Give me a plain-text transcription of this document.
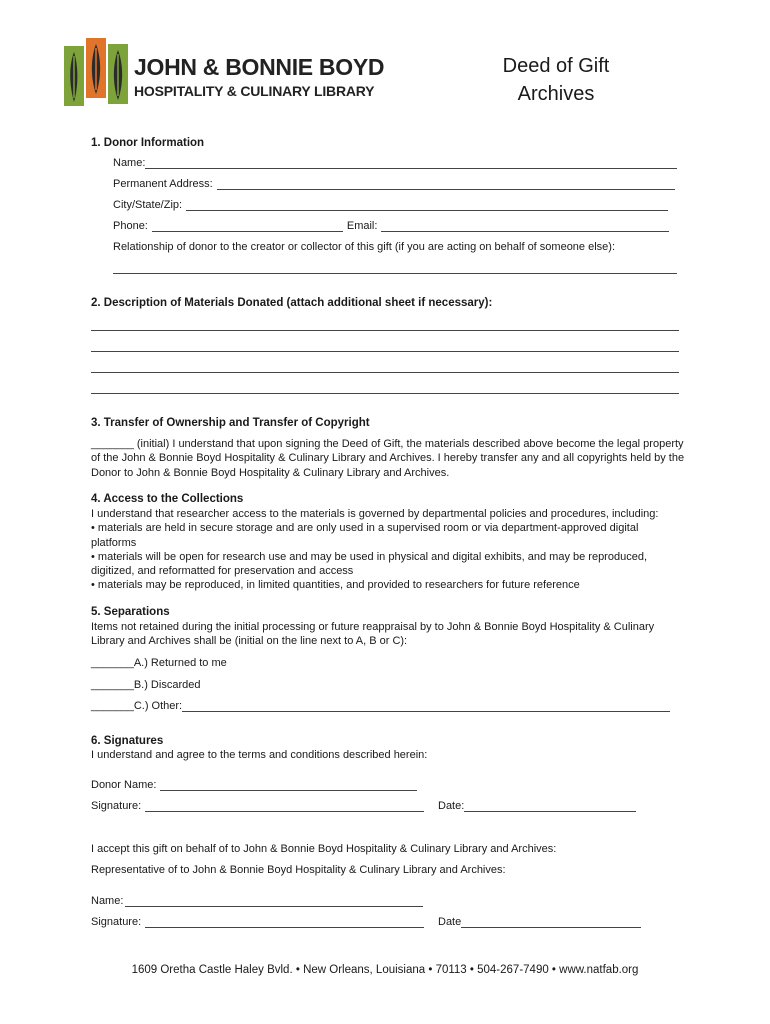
JOHN & BONNIE BOYD
HOSPITALITY & CULINARY LIBRARY
Deed of Gift
Archives
1. Donor Information
Name:
Permanent Address:
City/State/Zip:
Phone:	Email:
Relationship of donor to the creator or collector of this gift (if you are acting on behalf of someone else):
2. Description of Materials Donated (attach additional sheet if necessary):
3. Transfer of Ownership and Transfer of Copyright
_______ (initial) I understand that upon signing the Deed of Gift, the materials described above become the legal property of the John & Bonnie Boyd Hospitality & Culinary Library and Archives. I hereby transfer any and all copyrights held by the Donor to John & Bonnie Boyd Hospitality & Culinary Library and Archives.
4. Access to the Collections
I understand that researcher access to the materials is governed by departmental policies and procedures, including:
• materials are held in secure storage and are only used in a supervised room or via department-approved digital platforms
• materials will be open for research use and may be used in physical and digital exhibits, and may be reproduced, digitized, and reformatted for preservation and access
• materials may be reproduced, in limited quantities, and provided to researchers for future reference
5. Separations
Items not retained during the initial processing or future reappraisal by to John & Bonnie Boyd Hospitality & Culinary Library and Archives shall be (initial on the line next to A, B or C):
_______A.) Returned to me
_______B.) Discarded
_______C.) Other:
6. Signatures
I understand and agree to the terms and conditions described herein:
Donor Name:
Signature:	Date:
I accept this gift on behalf of to John & Bonnie Boyd Hospitality & Culinary Library and Archives:
Representative of to John & Bonnie Boyd Hospitality & Culinary Library and Archives:
Name:
Signature:	Date
1609 Oretha Castle Haley Bvld. • New Orleans, Louisiana • 70113 • 504-267-7490 • www.natfab.org
